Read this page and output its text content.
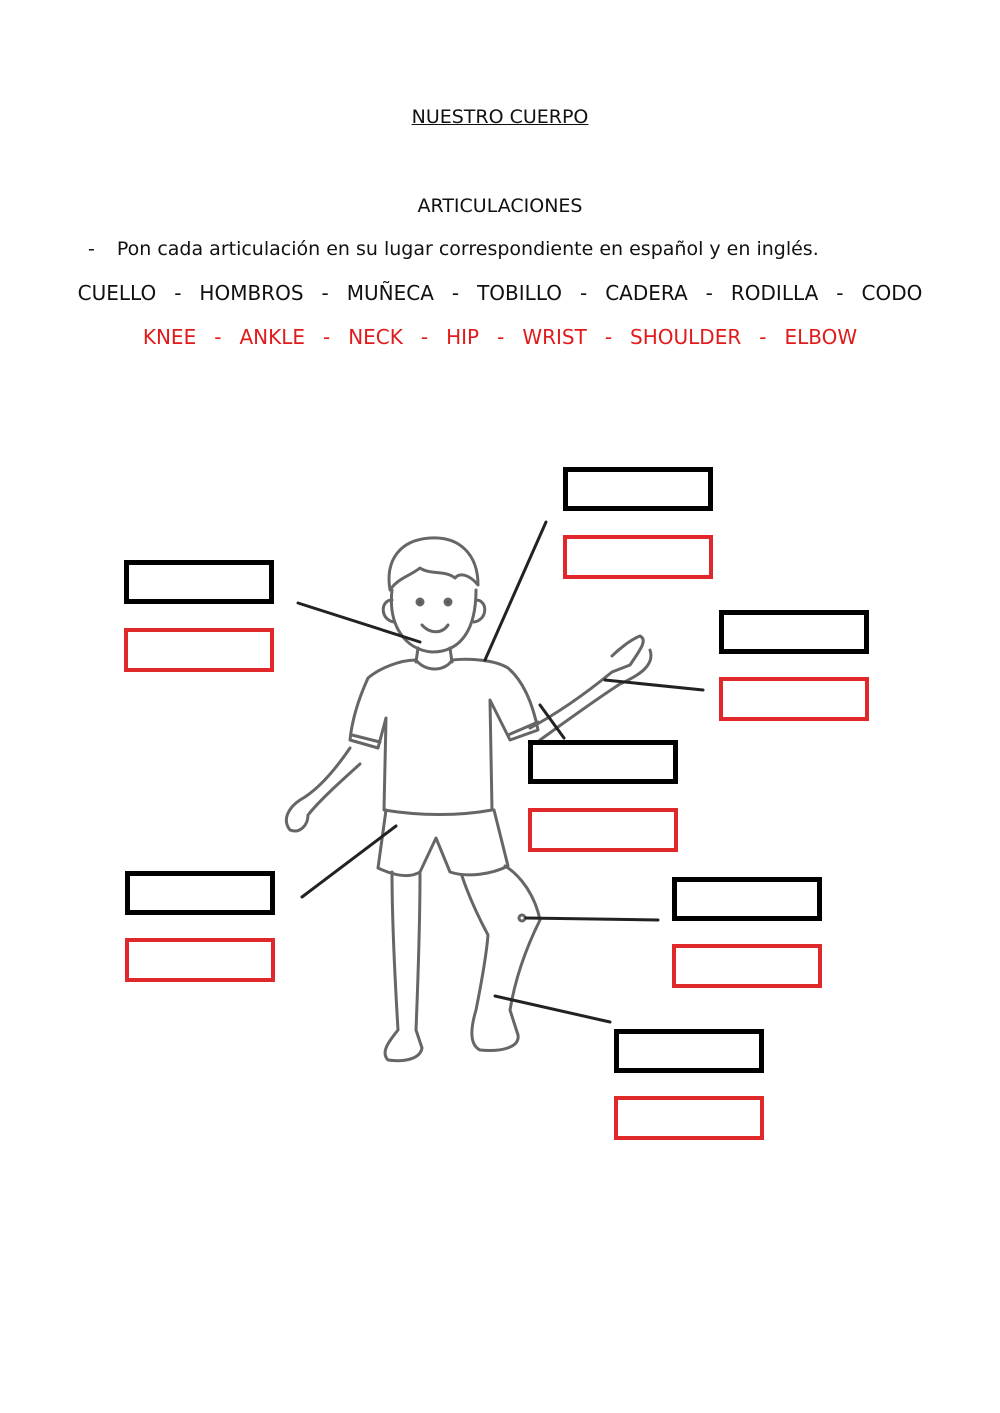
NUESTRO CUERPO
ARTICULACIONES
- Pon cada articulación en su lugar correspondiente en español y en inglés.
CUELLO - HOMBROS - MUÑECA - TOBILLO - CADERA - RODILLA - CODO
KNEE - ANKLE - NECK - HIP - WRIST - SHOULDER - ELBOW
